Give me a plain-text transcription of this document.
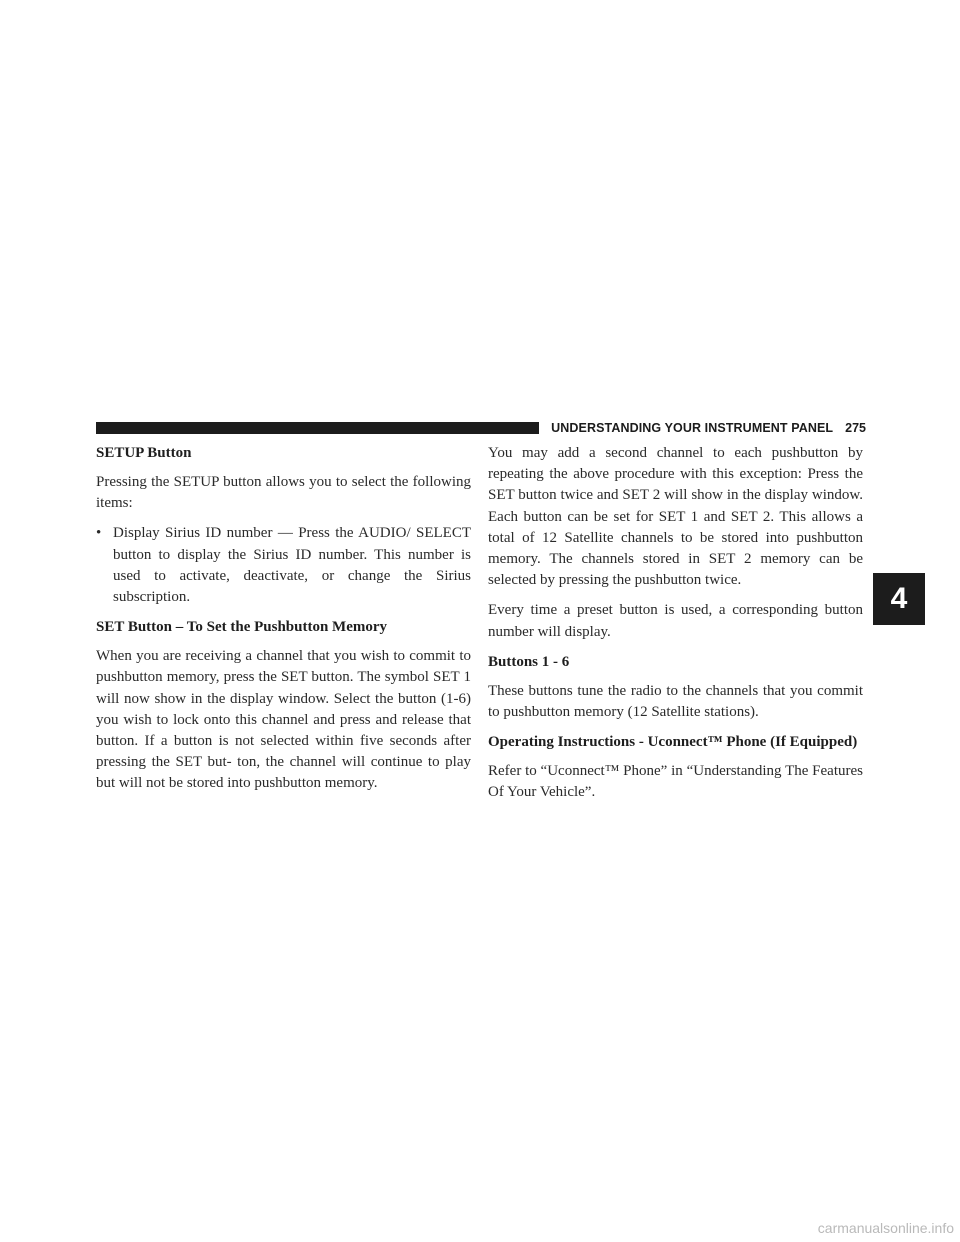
UNDERSTANDING YOUR INSTRUMENT PANEL 275
SETUP Button

Pressing the SETUP button allows you to select the following items:

• Display Sirius ID number — Press the AUDIO/ SELECT button to display the Sirius ID number. This number is used to activate, deactivate, or change the Sirius subscription.
SET Button – To Set the Pushbutton Memory

When you are receiving a channel that you wish to commit to pushbutton memory, press the SET button. The symbol SET 1 will now show in the display window. Select the button (1-6) you wish to lock onto this channel and press and release that button. If a button is not selected within five seconds after pressing the SET but- ton, the channel will continue to play but will not be stored into pushbutton memory.

You may add a second channel to each pushbutton by repeating the above procedure with this exception: Press the SET button twice and SET 2 will show in the display window. Each button can be set for SET 1 and SET 2. This allows a total of 12 Satellite channels to be stored into pushbutton memory. The channels stored in SET 2 memory can be selected by pressing the pushbutton twice.

Every time a preset button is used, a corresponding button number will display.

Buttons 1 - 6

These buttons tune the radio to the channels that you commit to pushbutton memory (12 Satellite stations).

Operating Instructions - Uconnect™ Phone (If Equipped)

Refer to “Uconnect™ Phone” in “Understanding The Features Of Your Vehicle”.

4
carmanualsonline.info
